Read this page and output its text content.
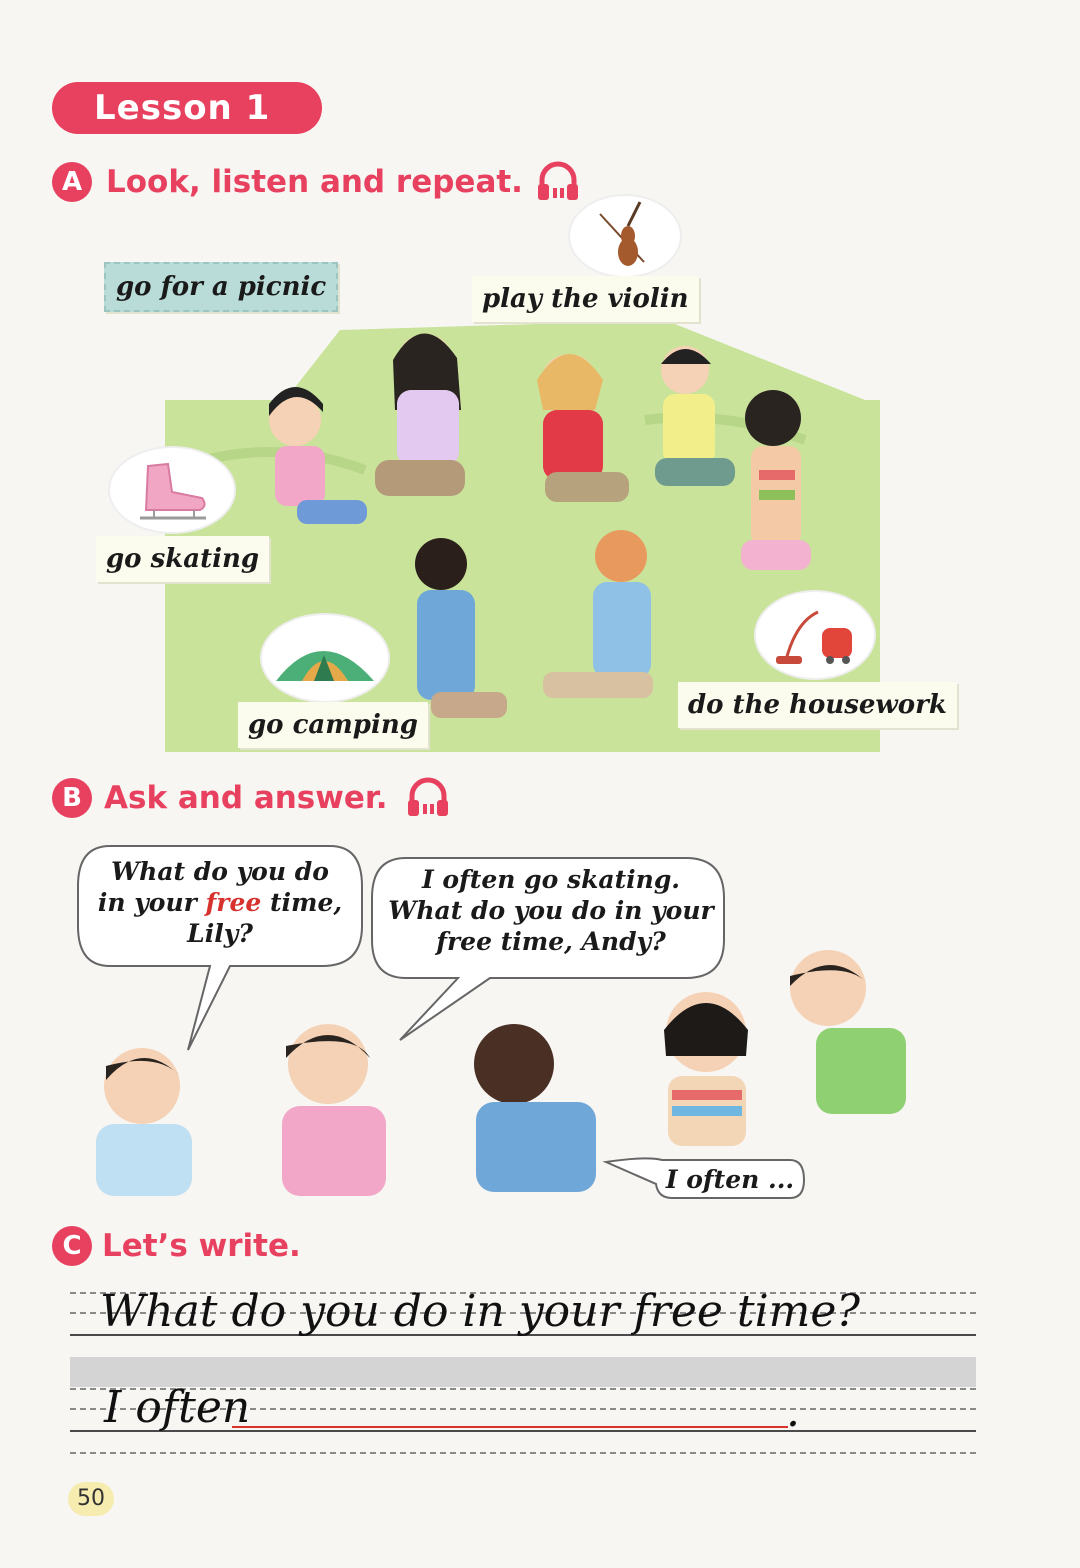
Lesson 1
A Look, listen and repeat.
go for a picnic	play the violin
go skating
go camping
do the housework
B Ask and answer.
What do you do
in your free time,
Lily?
I often go skating.
What do you do in your
free time, Andy?
I often ...
C Let’s write.
What do you do in your free time?
I often	.
50
